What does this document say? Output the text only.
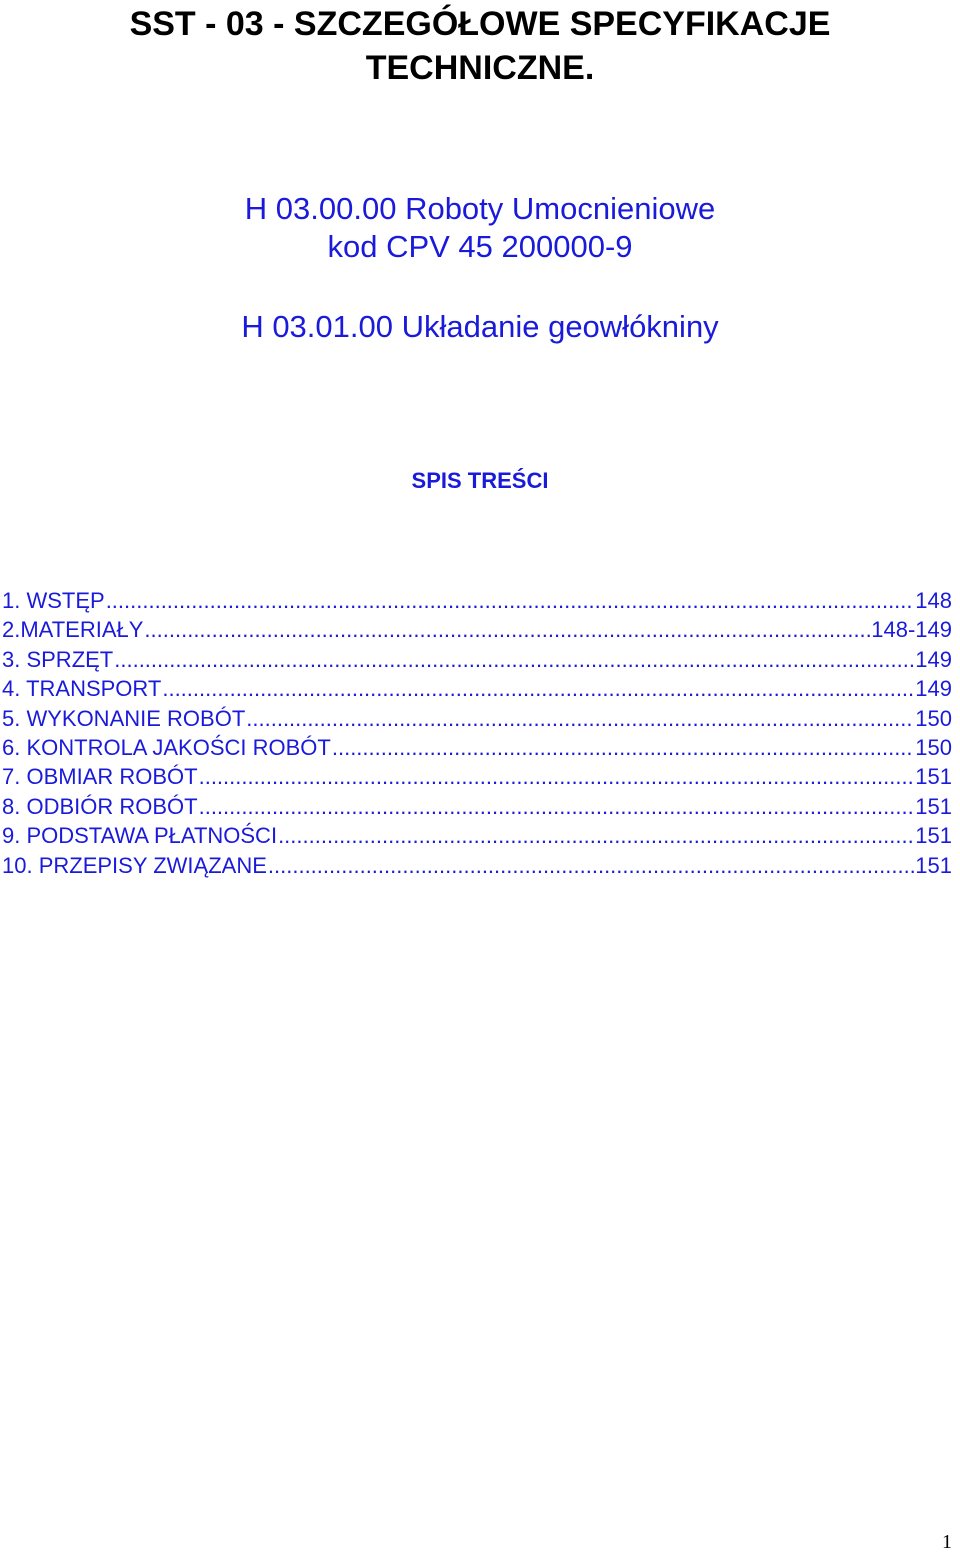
SST - 03 - SZCZEGÓŁOWE SPECYFIKACJE
TECHNICZNE.
H 03.00.00 Roboty Umocnieniowe
kod CPV 45 200000-9
H 03.01.00 Układanie geowłókniny
SPIS TREŚCI
1. WSTĘP .....	148
2.MATERIAŁY .....	148-149
3. SPRZĘT .....	149
4. TRANSPORT .....	149
5. WYKONANIE ROBÓT .....	150
6. KONTROLA JAKOŚCI ROBÓT .....	150
7. OBMIAR ROBÓT .....	151
8. ODBIÓR ROBÓT .....	151
9. PODSTAWA PŁATNOŚCI .....	151
10. PRZEPISY ZWIĄZANE .....	151
1
